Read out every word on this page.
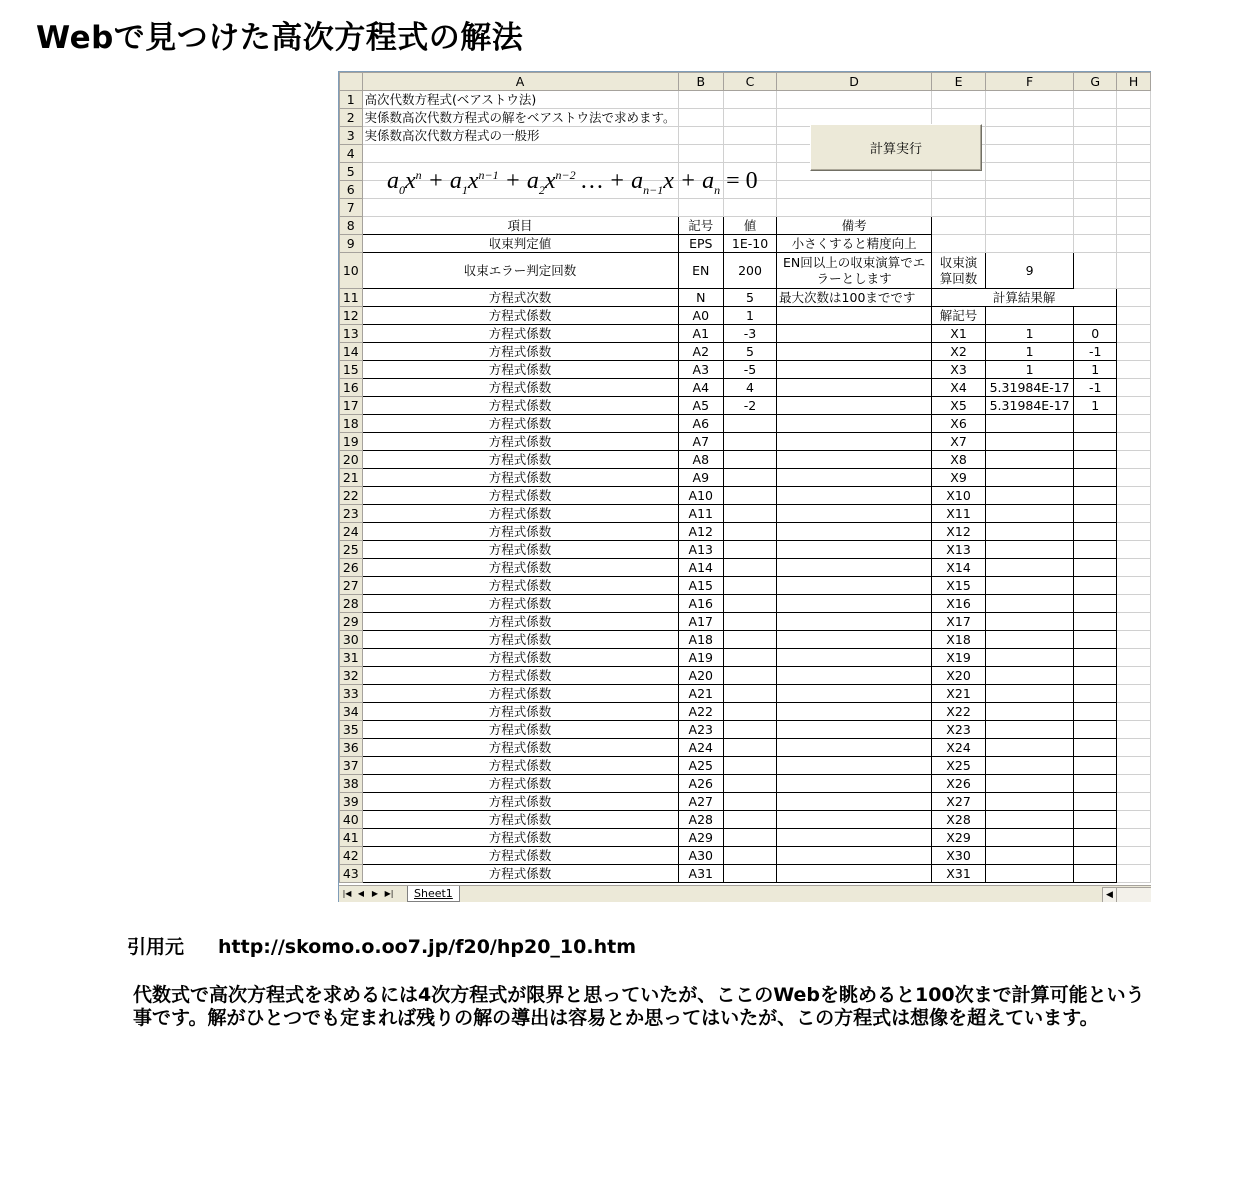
Webで見つけた高次方程式の解法
	A	B	C	D	E	F	G	H
1	高次代数方程式(ベアストウ法)							
2	実係数高次代数方程式の解をベアストウ法で求めます。							
3	実係数高次代数方程式の一般形							
4								
5								
6								
7								
8	項目	記号	値	備考				
9	収束判定値	EPS	1E-10	小さくすると精度向上				
10	収束エラー判定回数	EN	200	EN回以上の収束演算でエラーとします	収束演算回数	9		
11	方程式次数	N	5	最大次数は100までです	計算結果解			
12	方程式係数	A0	1		解記号			
13	方程式係数	A1	-3		X1	1	0	
14	方程式係数	A2	5		X2	1	-1	
15	方程式係数	A3	-5		X3	1	1	
16	方程式係数	A4	4		X4	5.31984E-17	-1	
17	方程式係数	A5	-2		X5	5.31984E-17	1	
18	方程式係数	A6			X6			
19	方程式係数	A7			X7			
20	方程式係数	A8			X8			
21	方程式係数	A9			X9			
22	方程式係数	A10			X10			
23	方程式係数	A11			X11			
24	方程式係数	A12			X12			
25	方程式係数	A13			X13			
26	方程式係数	A14			X14			
27	方程式係数	A15			X15			
28	方程式係数	A16			X16			
29	方程式係数	A17			X17			
30	方程式係数	A18			X18			
31	方程式係数	A19			X19			
32	方程式係数	A20			X20			
33	方程式係数	A21			X21			
34	方程式係数	A22			X22			
35	方程式係数	A23			X23			
36	方程式係数	A24			X24			
37	方程式係数	A25			X25			
38	方程式係数	A26			X26			
39	方程式係数	A27			X27			
40	方程式係数	A28			X28			
41	方程式係数	A29			X29			
42	方程式係数	A30			X30			
43	方程式係数	A31			X31			
計算実行
$a_0x^n + a_1x^{n-1} + a_2x^{n-2}$ … + $a_{n-1}x + a_n = 0$
|◀ ◀ ▶ ▶|	Sheet1	◀
引用元 http://skomo.o.oo7.jp/f20/hp20_10.htm
代数式で高次方程式を求めるには4次方程式が限界と思っていたが、ここのWebを眺めると100次まで計算可能という事です。解がひとつでも定まれば残りの解の導出は容易とか思ってはいたが、この方程式は想像を超えています。
